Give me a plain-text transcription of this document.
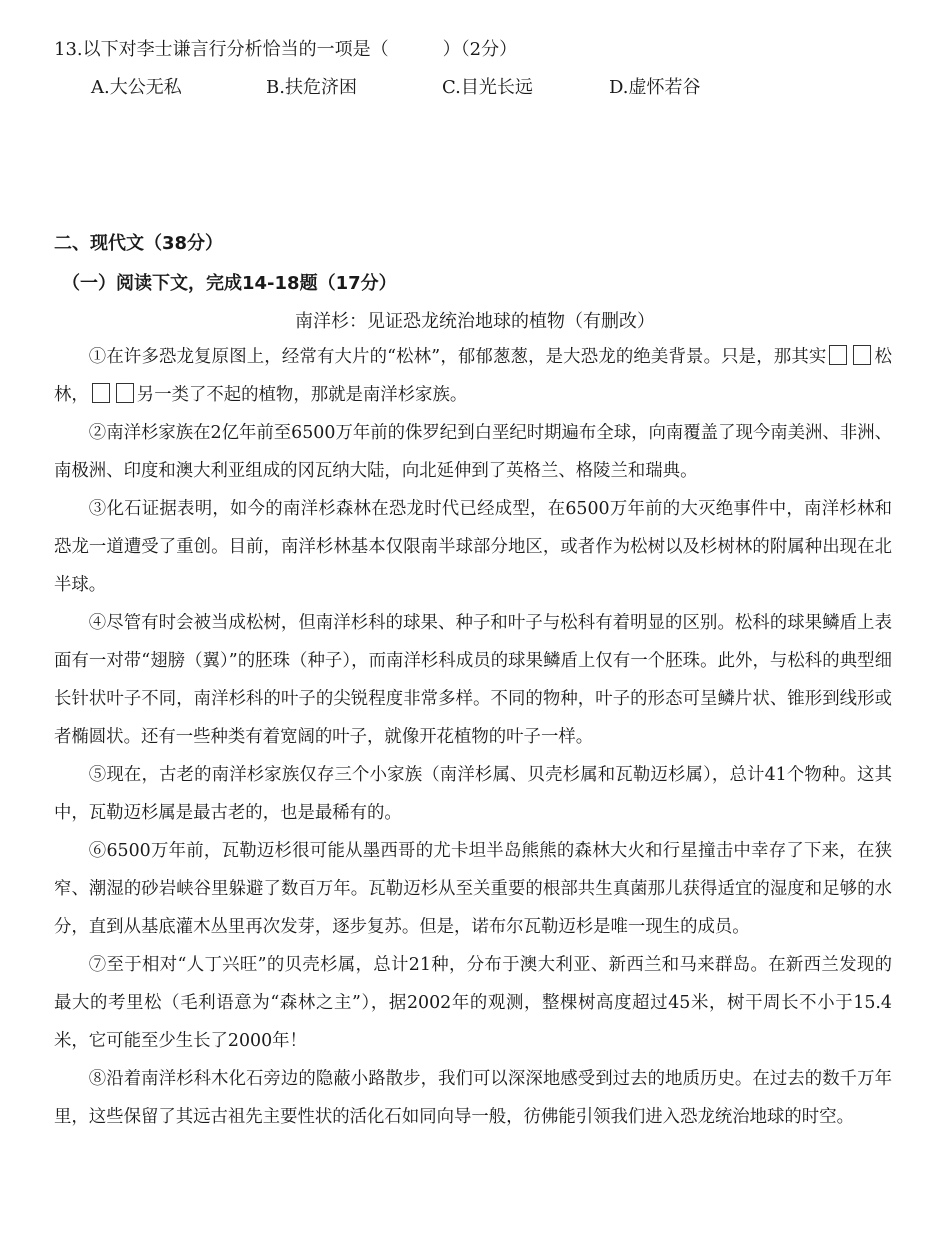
13.以下对李士谦言行分析恰当的一项是（　　　）（2分）
A.大公无私	B.扶危济困	C.目光长远	D.虚怀若谷
二、现代文（38分）
（一）阅读下文，完成14-18题（17分）
南洋杉：见证恐龙统治地球的植物（有删改）

①在许多恐龙复原图上，经常有大片的“松林”，郁郁葱葱，是大恐龙的绝美背景。只是，那其实	松林，	另一类了不起的植物，那就是南洋杉家族。

②南洋杉家族在2亿年前至6500万年前的侏罗纪到白垩纪时期遍布全球，向南覆盖了现今南美洲、非洲、南极洲、印度和澳大利亚组成的冈瓦纳大陆，向北延伸到了英格兰、格陵兰和瑞典。

③化石证据表明，如今的南洋杉森林在恐龙时代已经成型，在6500万年前的大灭绝事件中，南洋杉林和恐龙一道遭受了重创。目前，南洋杉林基本仅限南半球部分地区，或者作为松树以及杉树林的附属种出现在北半球。

④尽管有时会被当成松树，但南洋杉科的球果、种子和叶子与松科有着明显的区别。松科的球果鳞盾上表面有一对带“翅膀（翼）”的胚珠（种子），而南洋杉科成员的球果鳞盾上仅有一个胚珠。此外，与松科的典型细长针状叶子不同，南洋杉科的叶子的尖锐程度非常多样。不同的物种，叶子的形态可呈鳞片状、锥形到线形或者椭圆状。还有一些种类有着宽阔的叶子，就像开花植物的叶子一样。

⑤现在，古老的南洋杉家族仅存三个小家族（南洋杉属、贝壳杉属和瓦勒迈杉属），总计41个物种。这其中，瓦勒迈杉属是最古老的，也是最稀有的。

⑥6500万年前，瓦勒迈杉很可能从墨西哥的尤卡坦半岛熊熊的森林大火和行星撞击中幸存了下来，在狭窄、潮湿的砂岩峡谷里躲避了数百万年。瓦勒迈杉从至关重要的根部共生真菌那儿获得适宜的湿度和足够的水分，直到从基底灌木丛里再次发芽，逐步复苏。但是，诺布尔瓦勒迈杉是唯一现生的成员。

⑦至于相对“人丁兴旺”的贝壳杉属，总计21种，分布于澳大利亚、新西兰和马来群岛。在新西兰发现的最大的考里松（毛利语意为“森林之主”），据2002年的观测，整棵树高度超过45米，树干周长不小于15.4米，它可能至少生长了2000年！

⑧沿着南洋杉科木化石旁边的隐蔽小路散步，我们可以深深地感受到过去的地质历史。在过去的数千万年里，这些保留了其远古祖先主要性状的活化石如同向导一般，彷佛能引领我们进入恐龙统治地球的时空。
